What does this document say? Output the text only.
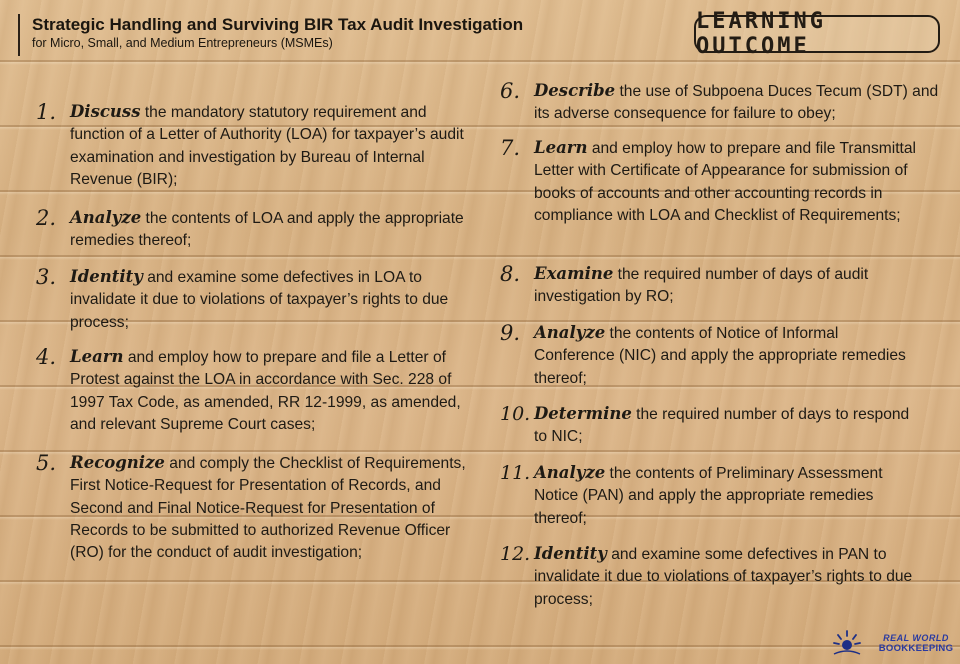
Strategic Handling and Surviving BIR Tax Audit Investigation
for Micro, Small, and Medium Entrepreneurs (MSMEs)
LEARNING OUTCOME
1. Discuss the mandatory statutory requirement and function of a Letter of Authority (LOA) for taxpayer’s audit examination and investigation by Bureau of Internal Revenue (BIR);
2. Analyze the contents of LOA and apply the appropriate remedies thereof;
3. Identity and examine some defectives in LOA to invalidate it due to violations of taxpayer’s rights to due process;
4. Learn and employ how to prepare and file a Letter of Protest against the LOA in accordance with Sec. 228 of 1997 Tax Code, as amended, RR 12-1999, as amended, and relevant Supreme Court cases;
5. Recognize and comply the Checklist of Requirements, First Notice-Request for Presentation of Records, and Second and Final Notice-Request for Presentation of Records to be submitted to authorized Revenue Officer (RO) for the conduct of audit investigation;
6. Describe the use of Subpoena Duces Tecum (SDT) and its adverse consequence for failure to obey;
7. Learn and employ how to prepare and file Transmittal Letter with Certificate of Appearance for submission of books of accounts and other accounting records in compliance with LOA and Checklist of Requirements;
8. Examine the required number of days of audit investigation by RO;
9. Analyze the contents of Notice of Informal Conference (NIC) and apply the appropriate remedies thereof;
10. Determine the required number of days to respond to NIC;
11. Analyze the contents of Preliminary Assessment Notice (PAN) and apply the appropriate remedies thereof;
12. Identity and examine some defectives in PAN to invalidate it due to violations of taxpayer’s rights to due process;
REAL WORLD
BOOKKEEPING
